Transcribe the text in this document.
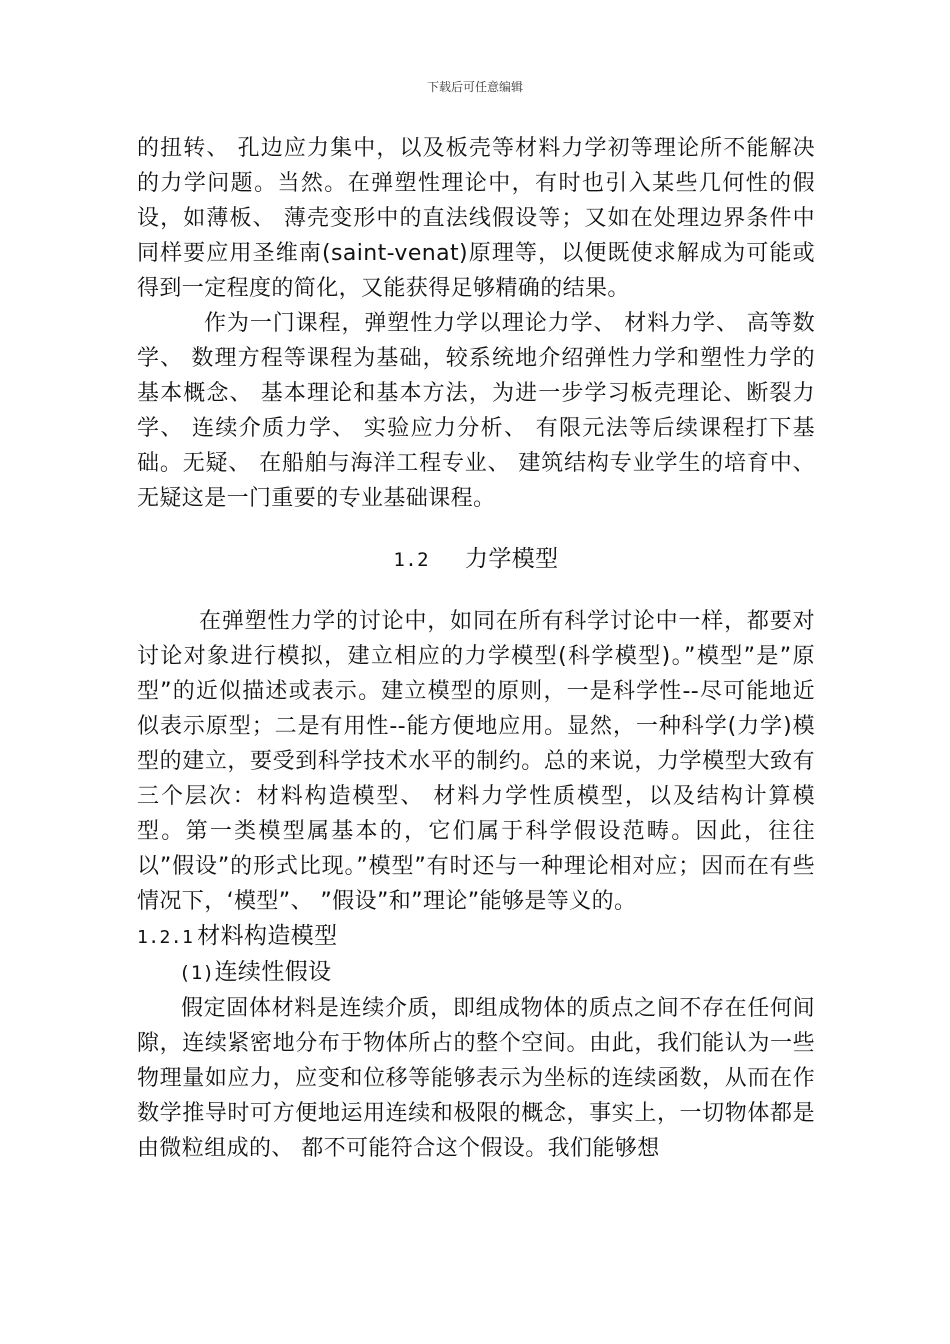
下载后可任意编辑

的扭转、 孔边应力集中，以及板壳等材料力学初等理论所不能解决的力学问题。当然。在弹塑性理论中，有时也引入某些几何性的假设，如薄板、 薄壳变形中的直法线假设等；又如在处理边界条件中同样要应用圣维南(saint-venat)原理等，以便既使求解成为可能或得到一定程度的简化，又能获得足够精确的结果。

作为一门课程，弹塑性力学以理论力学、 材料力学、 高等数学、 数理方程等课程为基础，较系统地介绍弹性力学和塑性力学的基本概念、 基本理论和基本方法，为进一步学习板壳理论、断裂力学、 连续介质力学、 实验应力分析、 有限元法等后续课程打下基础。无疑、 在船舶与海洋工程专业、 建筑结构专业学生的培育中、 无疑这是一门重要的专业基础课程。

1.2 力学模型

在弹塑性力学的讨论中，如同在所有科学讨论中一样，都要对讨论对象进行模拟，建立相应的力学模型(科学模型)。”模型”是”原型”的近似描述或表示。建立模型的原则，一是科学性--尽可能地近似表示原型；二是有用性--能方便地应用。显然，一种科学(力学)模型的建立，要受到科学技术水平的制约。总的来说，力学模型大致有三个层次：材料构造模型、 材料力学性质模型，以及结构计算模型。第一类模型属基本的，它们属于科学假设范畴。因此，往往以”假设”的形式比现。”模型”有时还与一种理论相对应；因而在有些情况下，‘模型”、 ”假设”和”理论”能够是等义的。

1.2.1 材料构造模型
(1)连续性假设

假定固体材料是连续介质，即组成物体的质点之间不存在任何间隙，连续紧密地分布于物体所占的整个空间。由此，我们能认为一些物理量如应力，应变和位移等能够表示为坐标的连续函数，从而在作数学推导时可方便地运用连续和极限的概念，事实上，一切物体都是由微粒组成的、 都不可能符合这个假设。我们能够想
